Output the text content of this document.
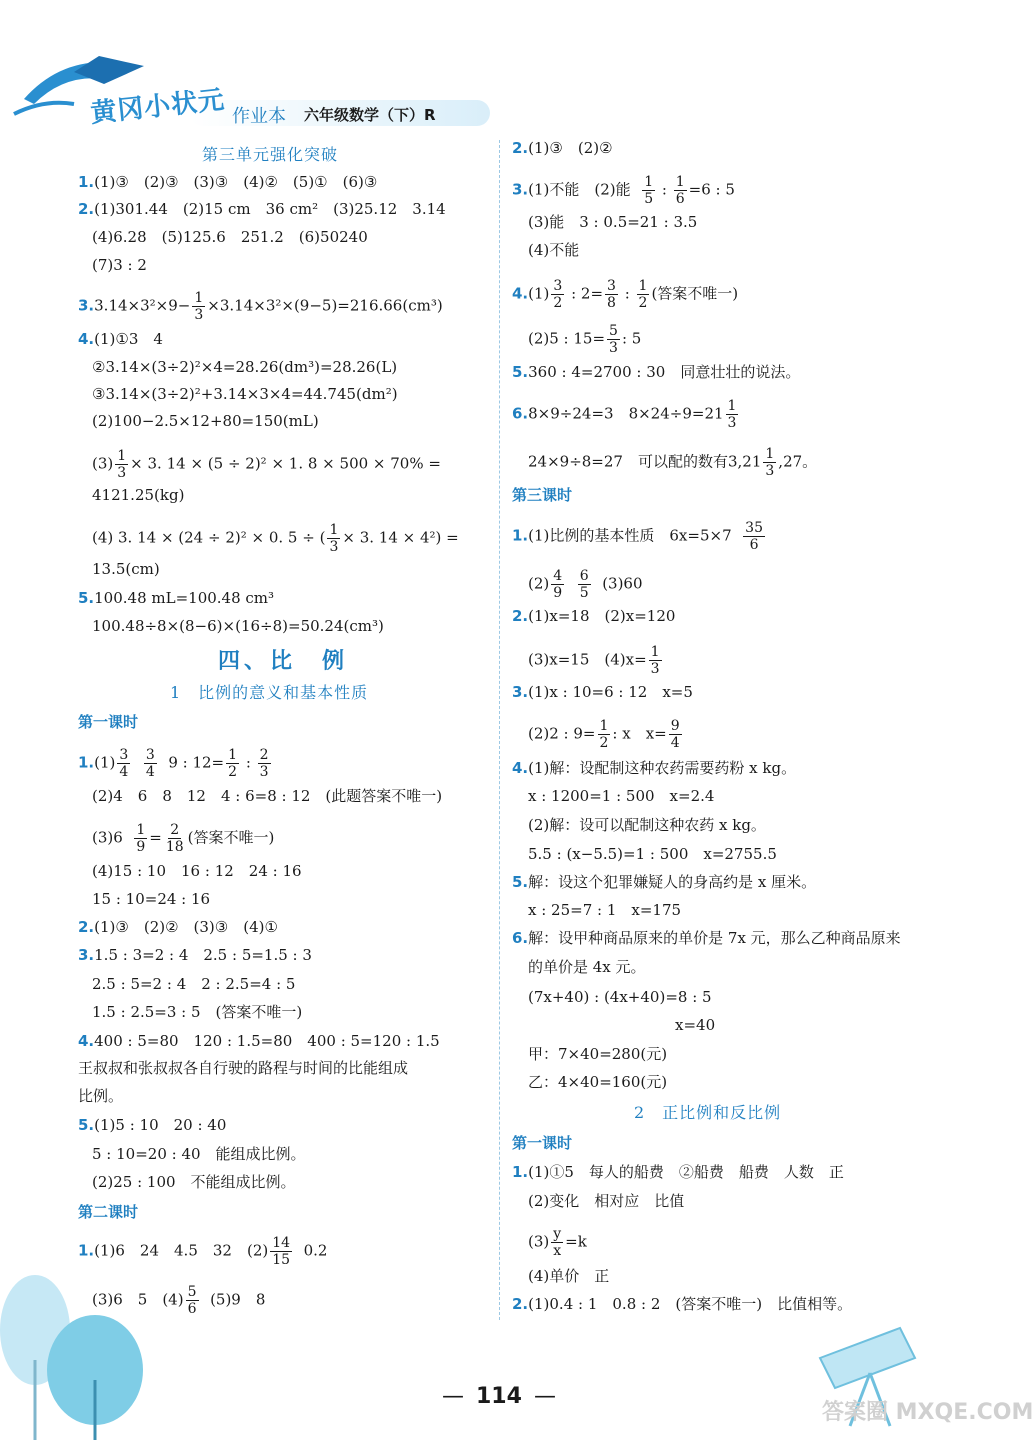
黄冈小状元 作业本 六年级数学（下）R
第三单元强化突破
1.(1)③　(2)③　(3)③　(4)②　(5)①　(6)③
2.(1)301.44　(2)15 cm　36 cm²　(3)25.12　3.14
(4)6.28　(5)125.6　251.2　(6)50240
(7)3 : 2
$3.3.14\times 3^2\times 9- \frac{1}{3} \times 3.14\times 3^2\times(9-5)=216.66(cm^3)$
4.(1)①3　4
②3.14×(3÷2)²×4=28.26(dm³)=28.26(L)
③3.14×(3÷2)²+3.14×3×4=44.745(dm²)
(2)100−2.5×12+80=150(mL)
$(3) \frac{1}{3} \times 3$. 14 × (5 ÷ 2)² × 1. 8 × 500 × 70% =
4121.25(kg)
(4) 3. 14 × (24 ÷ 2)² × 0. 5 ÷ ( $\frac{1}{3} \times 3$. 14 × 4²) =
13.5(cm)
5.100.48 mL=100.48 cm³
100.48÷8×(8−6)×(16÷8)=50.24(cm³)
四、比　例
1　比例的意义和基本性质
第一课时
$1.(1) \frac{3}{4}$
$\frac{3}{4} 9$ : $12= \frac{1}{2}$ : $\frac{2}{3}$
(2)4　6　8　12　4 : 6=8 : 12　(此题答案不唯一)
$(3)6 \frac{1}{9} = \frac{2}{18}$ (答案不唯一)
(4)15 : 10　16 : 12　24 : 16
15 : 10=24 : 16
2.(1)③　(2)②　(3)③　(4)①
3.1.5 : 3=2 : 4　2.5 : 5=1.5 : 3
2.5 : 5=2 : 4　2 : 2.5=4 : 5
1.5 : 2.5=3 : 5　(答案不唯一)
4.400 : 5=80　120 : 1.5=80　400 : 5=120 : 1.5
王叔叔和张叔叔各自行驶的路程与时间的比能组成
比例。
5.(1)5 : 10　20 : 40
5 : 10=20 : 40　能组成比例。
(2)25 : 100　不能组成比例。
第二课时
1.(1)6　24　4.5　32　$(2) \frac{14}{15} 0.2$
(3)6　5　$(4) \frac{5}{6} (5)9$　8
2.(1)③　(2)②
3.(1)不能　(2)能 $\frac{1}{5}$ : $\frac{1}{6} =6$ : 5
(3)能　3 : 0.5=21 : 3.5
(4)不能
$4.(1) \frac{3}{2}$ : $2= \frac{3}{8}$ : $\frac{1}{2}$ (答案不唯一)
(2)5 : $15= \frac{5}{3}$ : 5
5.360 : 4=2700 : 30　同意壮壮的说法。
6.8×9÷24=3　$8\times 24\div 9=21 \frac{1}{3}$
24×9÷8=27　可以配的数有$3,21 \frac{1}{3} ,27$。
第三课时
1.(1)比例的基本性质　$6x=5\times 7 \frac{35}{6}$
$(2) \frac{4}{9}$
$\frac{6}{5} (3)60$
2.(1)x=18　(2)x=120
(3)x=15　$(4)x= \frac{1}{3}$
3.(1)x : 10=6 : 12　x=5
(2)2 : $9= \frac{1}{2}$ : x　$x= \frac{9}{4}$
4.(1)解：设配制这种农药需要药粉 x kg。
x : 1200=1 : 500　x=2.4
(2)解：设可以配制这种农药 x kg。
5.5 : (x−5.5)=1 : 500　x=2755.5
5.解：设这个犯罪嫌疑人的身高约是 x 厘米。
x : 25=7 : 1　x=175
6.解：设甲种商品原来的单价是 7x 元，那么乙种商品原来
的单价是 4x 元。
(7x+40) : (4x+40)=8 : 5
x=40
甲：7×40=280(元)
乙：4×40=160(元)
2　正比例和反比例
第一课时
1.(1)①5　每人的船费　②船费　船费　人数　正
(2)变化　相对应　比值
$(3) \frac{y}{x} =k$
(4)单价　正
2.(1)0.4 : 1　0.8 : 2　(答案不唯一)　比值相等。
答案圈 MXQE.COM
— 114 —
